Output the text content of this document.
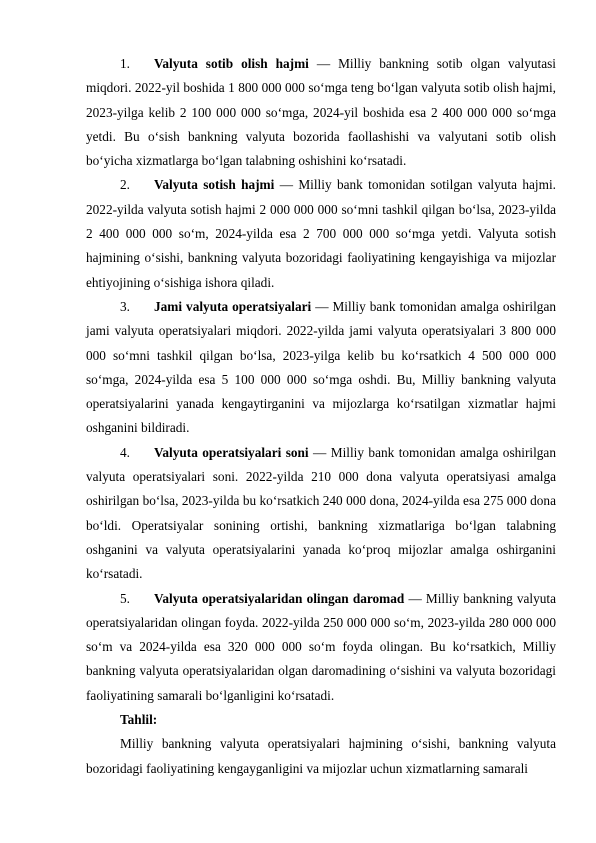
1. Valyuta sotib olish hajmi — Milliy bankning sotib olgan valyutasi miqdori. 2022-yil boshida 1 800 000 000 so‘mga teng bo‘lgan valyuta sotib olish hajmi, 2023-yilga kelib 2 100 000 000 so‘mga, 2024-yil boshida esa 2 400 000 000 so‘mga yetdi. Bu o‘sish bankning valyuta bozorida faollashishi va valyutani sotib olish bo‘yicha xizmatlarga bo‘lgan talabning oshishini ko‘rsatadi.

2. Valyuta sotish hajmi — Milliy bank tomonidan sotilgan valyuta hajmi. 2022-yilda valyuta sotish hajmi 2 000 000 000 so‘mni tashkil qilgan bo‘lsa, 2023-yilda 2 400 000 000 so‘m, 2024-yilda esa 2 700 000 000 so‘mga yetdi. Valyuta sotish hajmining o‘sishi, bankning valyuta bozoridagi faoliyatining kengayishiga va mijozlar ehtiyojining o‘sishiga ishora qiladi.

3. Jami valyuta operatsiyalari — Milliy bank tomonidan amalga oshirilgan jami valyuta operatsiyalari miqdori. 2022-yilda jami valyuta operatsiyalari 3 800 000 000 so‘mni tashkil qilgan bo‘lsa, 2023-yilga kelib bu ko‘rsatkich 4 500 000 000 so‘mga, 2024-yilda esa 5 100 000 000 so‘mga oshdi. Bu, Milliy bankning valyuta operatsiyalarini yanada kengaytirganini va mijozlarga ko‘rsatilgan xizmatlar hajmi oshganini bildiradi.

4. Valyuta operatsiyalari soni — Milliy bank tomonidan amalga oshirilgan valyuta operatsiyalari soni. 2022-yilda 210 000 dona valyuta operatsiyasi amalga oshirilgan bo‘lsa, 2023-yilda bu ko‘rsatkich 240 000 dona, 2024-yilda esa 275 000 dona bo‘ldi. Operatsiyalar sonining ortishi, bankning xizmatlariga bo‘lgan talabning oshganini va valyuta operatsiyalarini yanada ko‘proq mijozlar amalga oshirganini ko‘rsatadi.

5. Valyuta operatsiyalaridan olingan daromad — Milliy bankning valyuta operatsiyalaridan olingan foyda. 2022-yilda 250 000 000 so‘m, 2023-yilda 280 000 000 so‘m va 2024-yilda esa 320 000 000 so‘m foyda olingan. Bu ko‘rsatkich, Milliy bankning valyuta operatsiyalaridan olgan daromadining o‘sishini va valyuta bozoridagi faoliyatining samarali bo‘lganligini ko‘rsatadi.

Tahlil:

Milliy bankning valyuta operatsiyalari hajmining o‘sishi, bankning valyuta bozoridagi faoliyatining kengayganligini va mijozlar uchun xizmatlarning samarali
